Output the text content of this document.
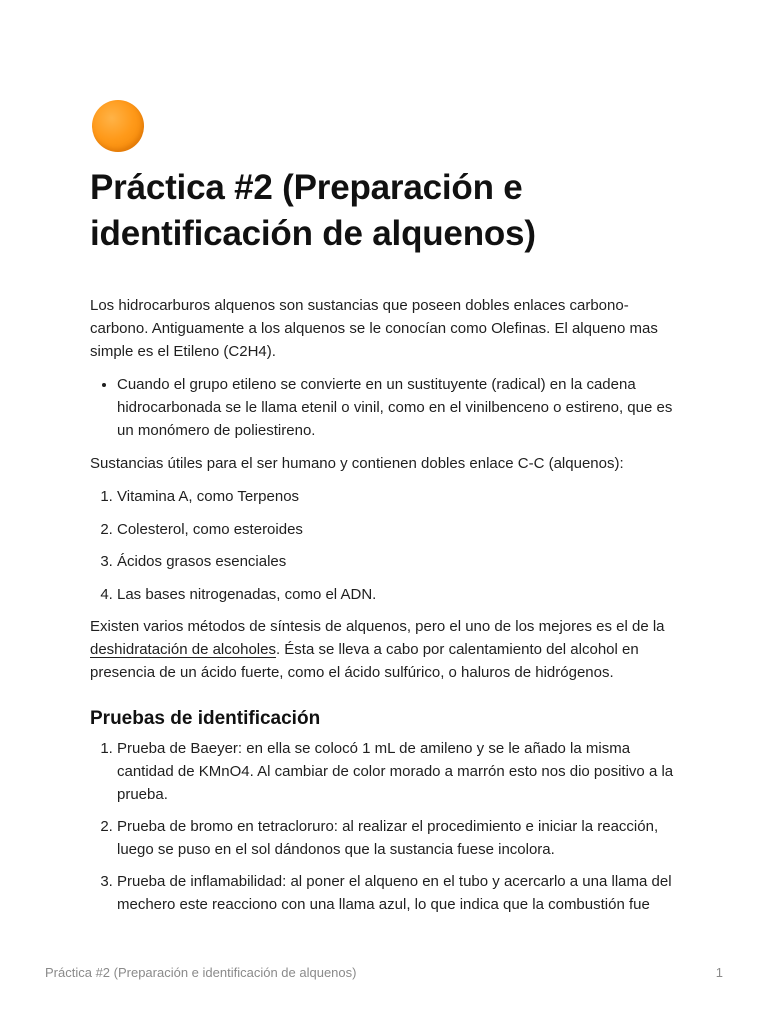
Práctica #2 (Preparación e identificación de alquenos)

Los hidrocarburos alquenos son sustancias que poseen dobles enlaces carbono-carbono. Antiguamente a los alquenos se le conocían como Olefinas. El alqueno mas simple es el Etileno (C2H4).

• Cuando el grupo etileno se convierte en un sustituyente (radical) en la cadena hidrocarbonada se le llama etenil o vinil, como en el vinilbenceno o estireno, que es un monómero de poliestireno.

Sustancias útiles para el ser humano y contienen dobles enlace C-C (alquenos):

1. Vitamina A, como Terpenos
2. Colesterol, como esteroides
3. Ácidos grasos esenciales
4. Las bases nitrogenadas, como el ADN.

Existen varios métodos de síntesis de alquenos, pero el uno de los mejores es el de la deshidratación de alcoholes. Ésta se lleva a cabo por calentamiento del alcohol en presencia de un ácido fuerte, como el ácido sulfúrico, o haluros de hidrógenos.

Pruebas de identificación
1. Prueba de Baeyer: en ella se colocó 1 mL de amileno y se le añado la misma cantidad de KMnO4. Al cambiar de color morado a marrón esto nos dio positivo a la prueba.
2. Prueba de bromo en tetracloruro: al realizar el procedimiento e iniciar la reacción, luego se puso en el sol dándonos que la sustancia fuese incolora.
3. Prueba de inflamabilidad: al poner el alqueno en el tubo y acercarlo a una llama del mechero este reacciono con una llama azul, lo que indica que la combustión fue
Práctica #2 (Preparación e identificación de alquenos)	1
